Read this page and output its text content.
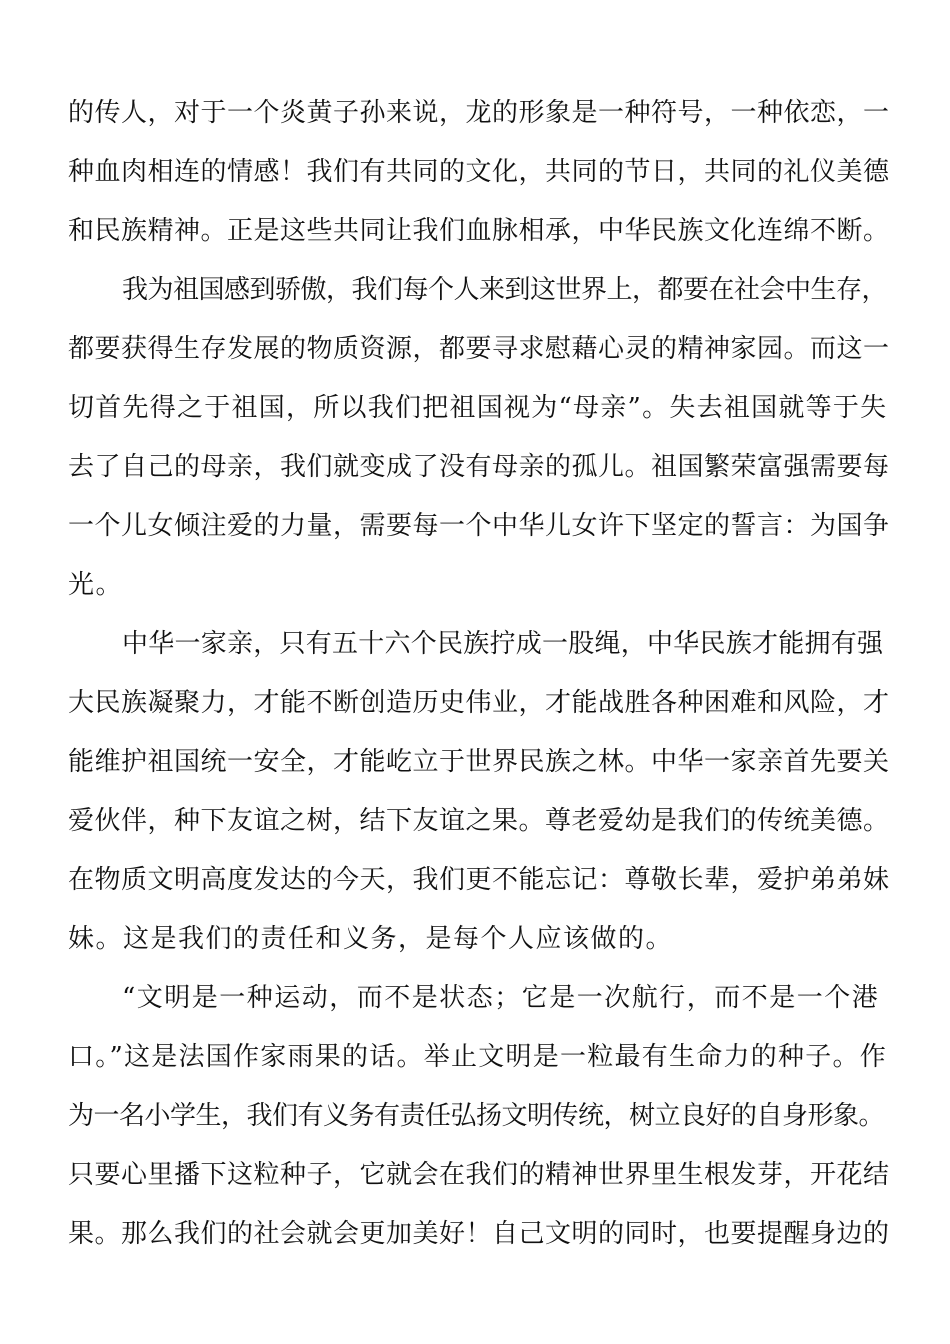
的传人，对于一个炎黄子孙来说，龙的形象是一种符号，一种依恋，一
种血肉相连的情感！我们有共同的文化，共同的节日，共同的礼仪美德
和民族精神。正是这些共同让我们血脉相承，中华民族文化连绵不断。
我为祖国感到骄傲，我们每个人来到这世界上，都要在社会中生存，
都要获得生存发展的物质资源，都要寻求慰藉心灵的精神家园。而这一
切首先得之于祖国，所以我们把祖国视为“母亲”。失去祖国就等于失
去了自己的母亲，我们就变成了没有母亲的孤儿。祖国繁荣富强需要每
一个儿女倾注爱的力量，需要每一个中华儿女许下坚定的誓言：为国争
光。
中华一家亲，只有五十六个民族拧成一股绳，中华民族才能拥有强
大民族凝聚力，才能不断创造历史伟业，才能战胜各种困难和风险，才
能维护祖国统一安全，才能屹立于世界民族之林。中华一家亲首先要关
爱伙伴，种下友谊之树，结下友谊之果。尊老爱幼是我们的传统美德。
在物质文明高度发达的今天，我们更不能忘记：尊敬长辈，爱护弟弟妹
妹。这是我们的责任和义务，是每个人应该做的。
“文明是一种运动，而不是状态；它是一次航行，而不是一个港
口。”这是法国作家雨果的话。举止文明是一粒最有生命力的种子。作
为一名小学生，我们有义务有责任弘扬文明传统，树立良好的自身形象。
只要心里播下这粒种子，它就会在我们的精神世界里生根发芽，开花结
果。那么我们的社会就会更加美好！自己文明的同时，也要提醒身边的
